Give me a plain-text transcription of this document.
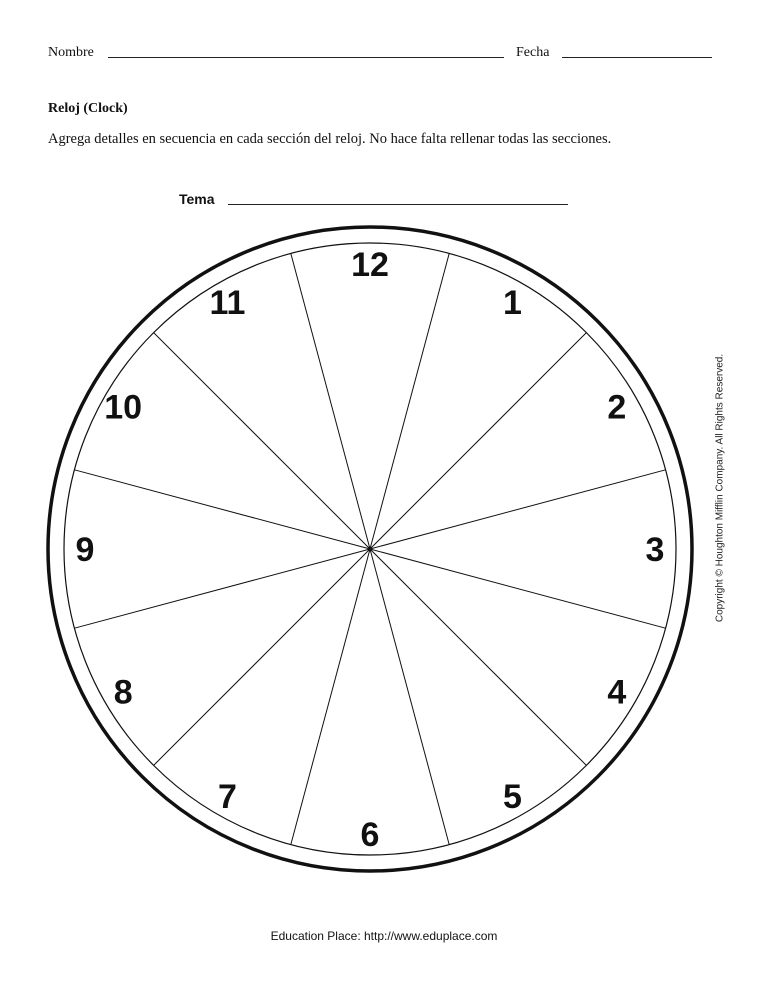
Nombre	Fecha
Reloj (Clock)
Agrega detalles en secuencia en cada sección del reloj. No hace falta rellenar todas las secciones.
Tema
12
1
2
3
4
5
6
7
8
9
10
11
Copyright © Houghton Mifflin Company. All Rights Reserved.
Education Place: http://www.eduplace.com
